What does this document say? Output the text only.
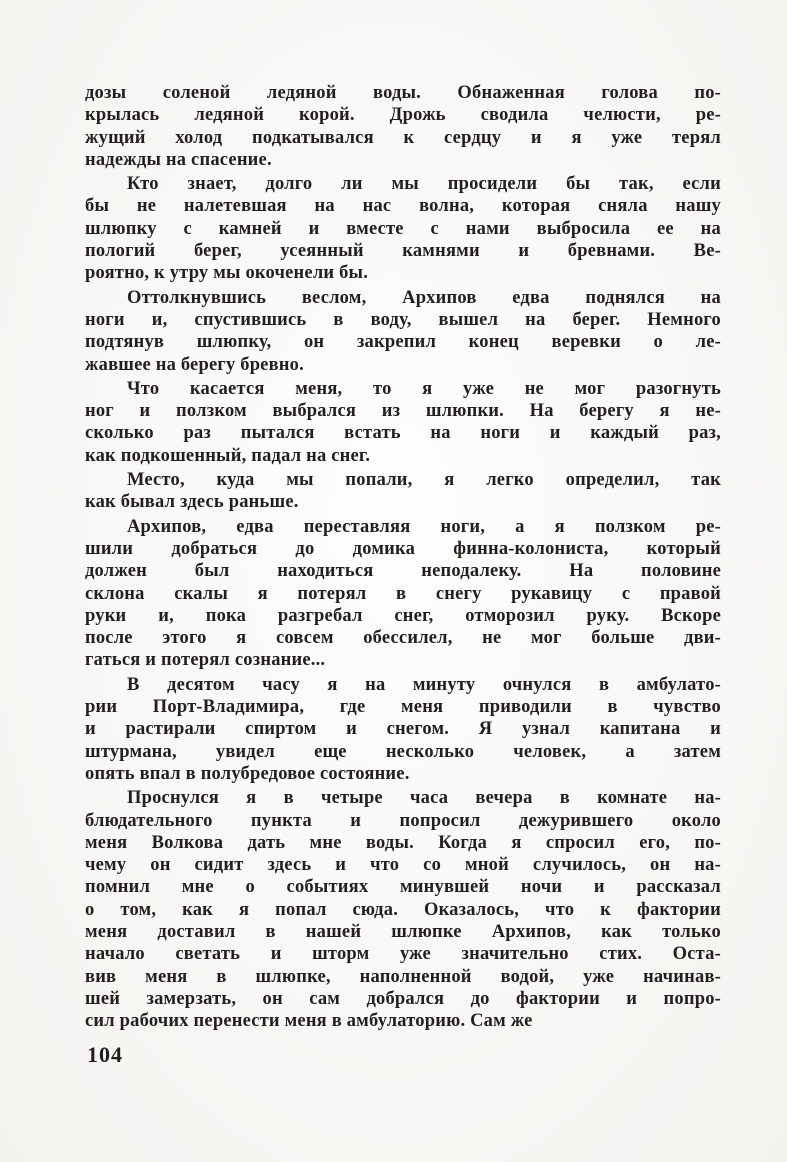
дозы соленой ледяной воды. Обнаженная голова по-
крылась ледяной корой. Дрожь сводила челюсти, ре-
жущий холод подкатывался к сердцу и я уже терял
надежды на спасение.

Кто знает, долго ли мы просидели бы так, если
бы не налетевшая на нас волна, которая сняла нашу
шлюпку с камней и вместе с нами выбросила ее на
пологий берег, усеянный камнями и бревнами. Ве-
роятно, к утру мы окоченели бы.

Оттолкнувшись веслом, Архипов едва поднялся на
ноги и, спустившись в воду, вышел на берег. Немного
подтянув шлюпку, он закрепил конец веревки о ле-
жавшее на берегу бревно.

Что касается меня, то я уже не мог разогнуть
ног и ползком выбрался из шлюпки. На берегу я не-
сколько раз пытался встать на ноги и каждый раз,
как подкошенный, падал на снег.

Место, куда мы попали, я легко определил, так
как бывал здесь раньше.

Архипов, едва переставляя ноги, а я ползком ре-
шили добраться до домика финна-колониста, который
должен был находиться неподалеку. На половине
склона скалы я потерял в снегу рукавицу с правой
руки и, пока разгребал снег, отморозил руку. Вскоре
после этого я совсем обессилел, не мог больше дви-
гаться и потерял сознание...

В десятом часу я на минуту очнулся в амбулато-
рии Порт-Владимира, где меня приводили в чувство
и растирали спиртом и снегом. Я узнал капитана и
штурмана, увидел еще несколько человек, а затем
опять впал в полубредовое состояние.

Проснулся я в четыре часа вечера в комнате на-
блюдательного пункта и попросил дежурившего около
меня Волкова дать мне воды. Когда я спросил его, по-
чему он сидит здесь и что со мной случилось, он на-
помнил мне о событиях минувшей ночи и рассказал
о том, как я попал сюда. Оказалось, что к фактории
меня доставил в нашей шлюпке Архипов, как только
начало светать и шторм уже значительно стих. Оста-
вив меня в шлюпке, наполненной водой, уже начинав-
шей замерзать, он сам добрался до фактории и попро-
сил рабочих перенести меня в амбулаторию. Сам же

104
